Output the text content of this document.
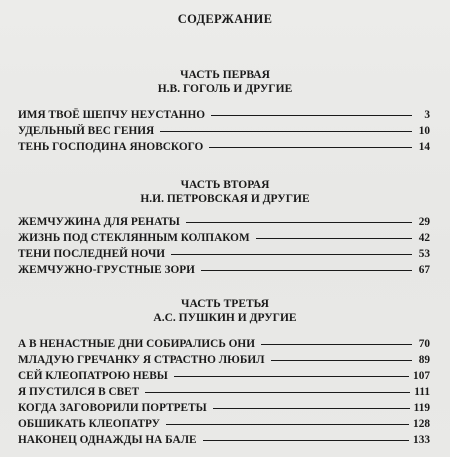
СОДЕРЖАНИЕ
ЧАСТЬ ПЕРВАЯ
Н.В. ГОГОЛЬ И ДРУГИЕ
ИМЯ ТВОЁ ШЕПЧУ НЕУСТАННО	3
УДЕЛЬНЫЙ ВЕС ГЕНИЯ	10
ТЕНЬ ГОСПОДИНА ЯНОВСКОГО	14
ЧАСТЬ ВТОРАЯ
Н.И. ПЕТРОВСКАЯ И ДРУГИЕ
ЖЕМЧУЖИНА ДЛЯ РЕНАТЫ	29
ЖИЗНЬ ПОД СТЕКЛЯННЫМ КОЛПАКОМ	42
ТЕНИ ПОСЛЕДНЕЙ НОЧИ	53
ЖЕМЧУЖНО-ГРУСТНЫЕ ЗОРИ	67
ЧАСТЬ ТРЕТЬЯ
А.С. ПУШКИН И ДРУГИЕ
А В НЕНАСТНЫЕ ДНИ СОБИРАЛИСЬ ОНИ	70
МЛАДУЮ ГРЕЧАНКУ Я СТРАСТНО ЛЮБИЛ	89
СЕЙ КЛЕОПАТРОЮ НЕВЫ	107
Я ПУСТИЛСЯ В СВЕТ	111
КОГДА ЗАГОВОРИЛИ ПОРТРЕТЫ	119
ОБШИКАТЬ КЛЕОПАТРУ	128
НАКОНЕЦ ОДНАЖДЫ НА БАЛЕ	133
